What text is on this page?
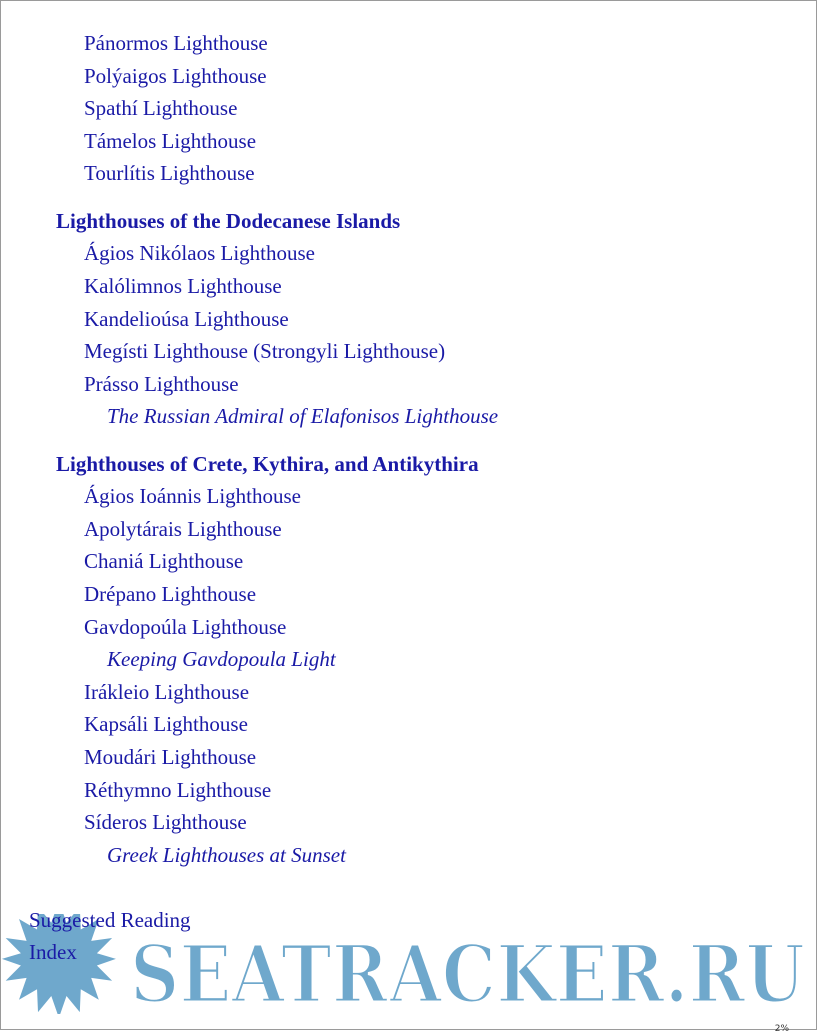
Pánormos Lighthouse
Polýaigos Lighthouse
Spathí Lighthouse
Támelos Lighthouse
Tourlítis Lighthouse
Lighthouses of the Dodecanese Islands
Ágios Nikólaos Lighthouse
Kalólimnos Lighthouse
Kandelioúsa Lighthouse
Megísti Lighthouse (Strongyli Lighthouse)
Prásso Lighthouse
The Russian Admiral of Elafonisos Lighthouse
Lighthouses of Crete, Kythira, and Antikythira
Ágios Ioánnis Lighthouse
Apolytárais Lighthouse
Chaniá Lighthouse
Drépano Lighthouse
Gavdopoúla Lighthouse
Keeping Gavdopoula Light
Irákleio Lighthouse
Kapsáli Lighthouse
Moudári Lighthouse
Réthymno Lighthouse
Síderos Lighthouse
Greek Lighthouses at Sunset
SEATRACKER.RU
Suggested Reading
Index
2%
